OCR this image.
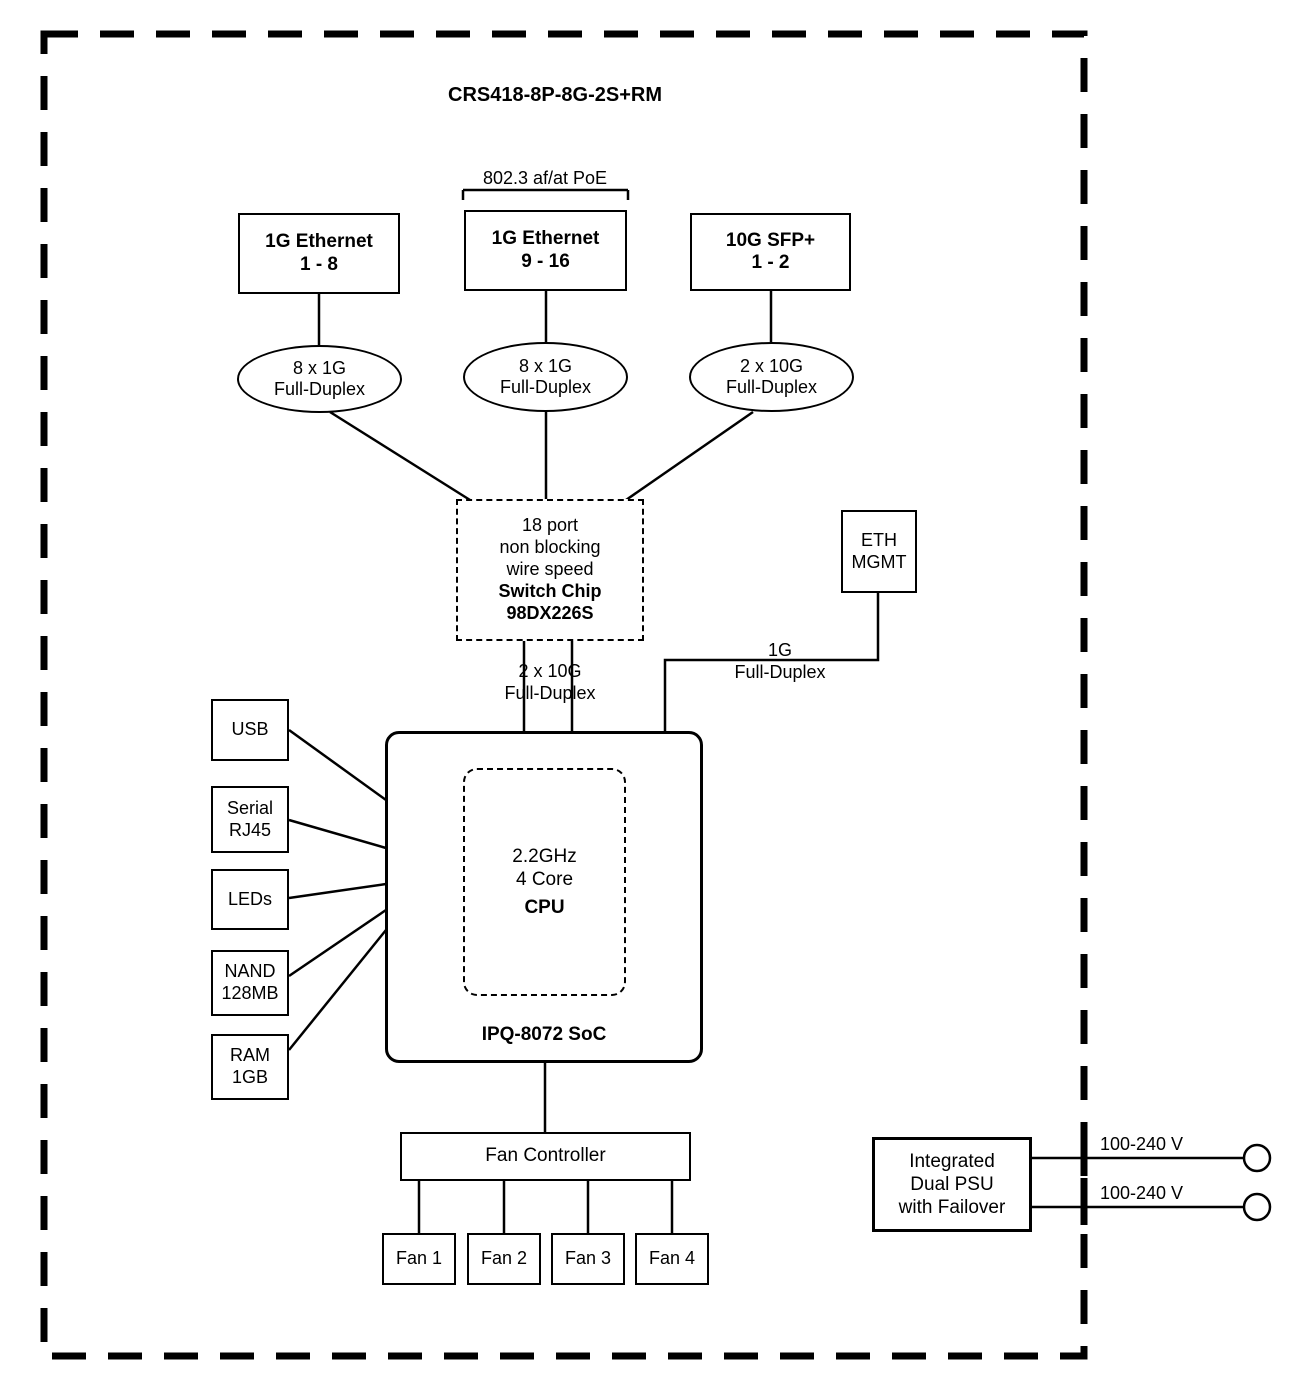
CRS418-8P-8G-2S+RM
802.3 af/at PoE
1G Ethernet
1 - 8
1G Ethernet
9 - 16
10G SFP+
1 - 2
8 x 1G
Full-Duplex
8 x 1G
Full-Duplex
2 x 10G
Full-Duplex
18 port
non blocking
wire speed
Switch Chip
98DX226S
ETH
MGMT
2 x 10G
Full-Duplex
1G
Full-Duplex
2.2GHz
4 Core
CPU
IPQ-8072 SoC
USB
Serial
RJ45
LEDs
NAND
128MB
RAM
1GB
Fan Controller
Fan 1 Fan 2 Fan 3 Fan 4
Integrated
Dual PSU
with Failover
100-240 V
100-240 V
